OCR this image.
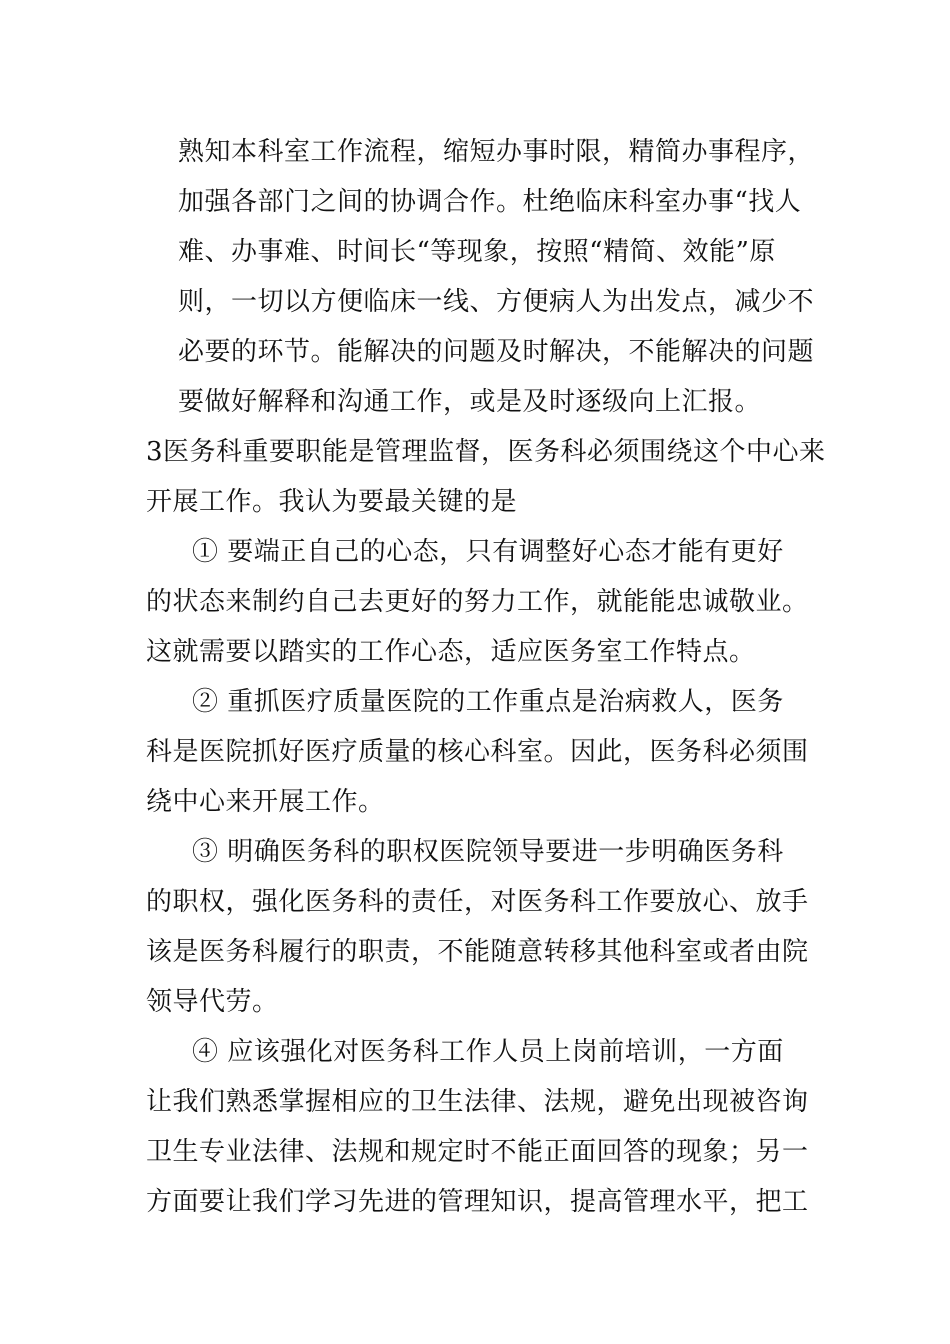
熟知本科室工作流程，缩短办事时限，精简办事程序，
加强各部门之间的协调合作。杜绝临床科室办事“找人
难、办事难、时间长“等现象，按照“精简、效能”原
则，一切以方便临床一线、方便病人为出发点，减少不
必要的环节。能解决的问题及时解决，不能解决的问题
要做好解释和沟通工作，或是及时逐级向上汇报。
3医务科重要职能是管理监督，医务科必须围绕这个中心来
开展工作。我认为要最关键的是
① 要端正自己的心态，只有调整好心态才能有更好
的状态来制约自己去更好的努力工作，就能能忠诚敬业。
这就需要以踏实的工作心态，适应医务室工作特点。
② 重抓医疗质量医院的工作重点是治病救人，医务
科是医院抓好医疗质量的核心科室。因此，医务科必须围
绕中心来开展工作。
③ 明确医务科的职权医院领导要进一步明确医务科
的职权，强化医务科的责任，对医务科工作要放心、放手
该是医务科履行的职责，不能随意转移其他科室或者由院
领导代劳。
④ 应该强化对医务科工作人员上岗前培训，一方面
让我们熟悉掌握相应的卫生法律、法规，避免出现被咨询
卫生专业法律、法规和规定时不能正面回答的现象；另一
方面要让我们学习先进的管理知识，提高管理水平，把工
